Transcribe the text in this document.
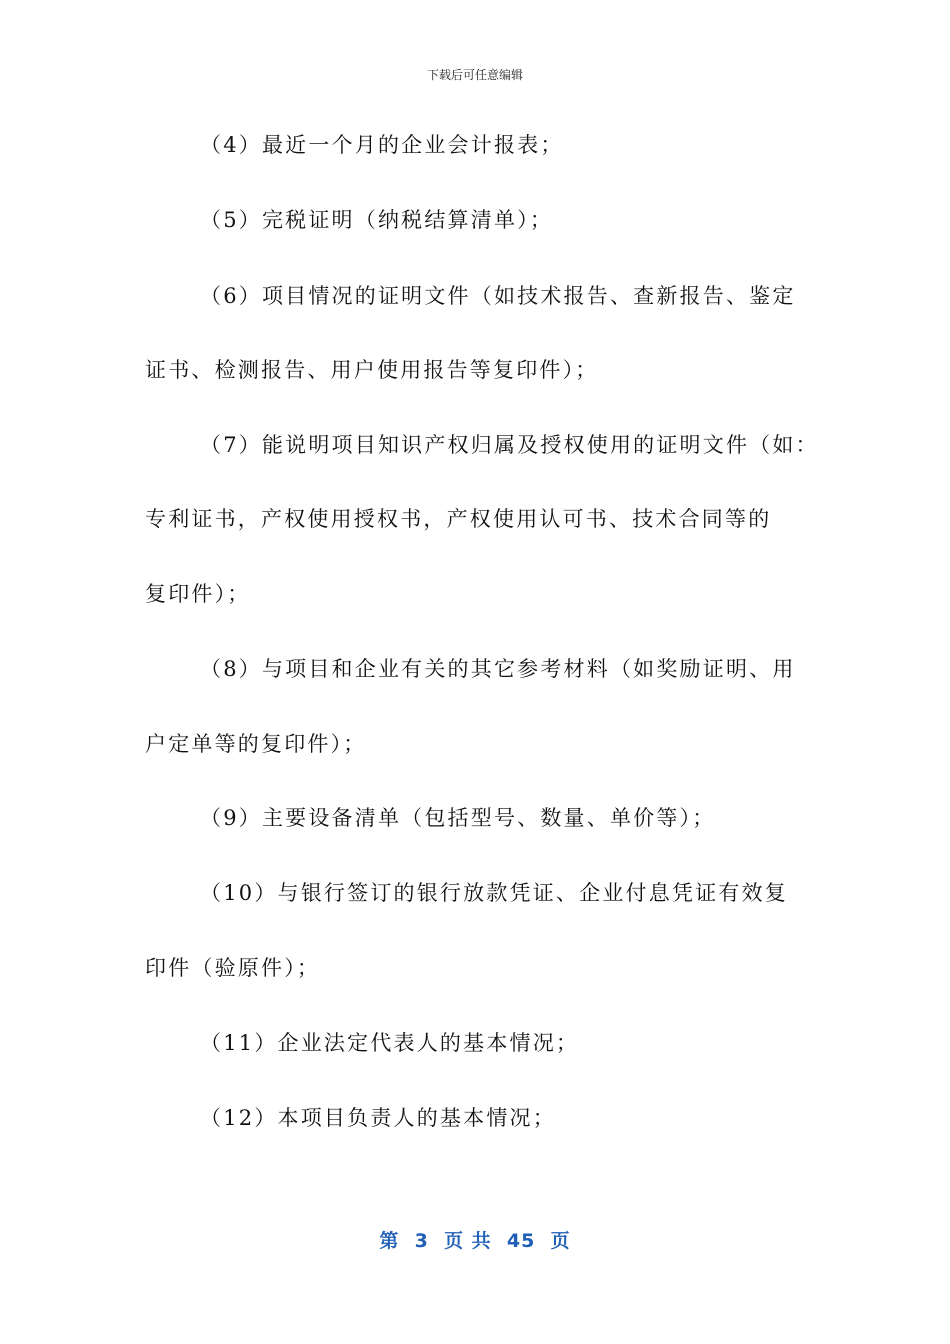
下载后可任意编辑
（4）最近一个月的企业会计报表；
（5）完税证明（纳税结算清单）；
（6）项目情况的证明文件（如技术报告、查新报告、鉴定
证书、检测报告、用户使用报告等复印件）；
（7）能说明项目知识产权归属及授权使用的证明文件（如：
专利证书，产权使用授权书，产权使用认可书、技术合同等的
复印件）；
（8）与项目和企业有关的其它参考材料（如奖励证明、用
户定单等的复印件）；
（9）主要设备清单（包括型号、数量、单价等）；
（10）与银行签订的银行放款凭证、企业付息凭证有效复
印件（验原件）；
（11）企业法定代表人的基本情况；
（12）本项目负责人的基本情况；
第  3  页 共  45  页
